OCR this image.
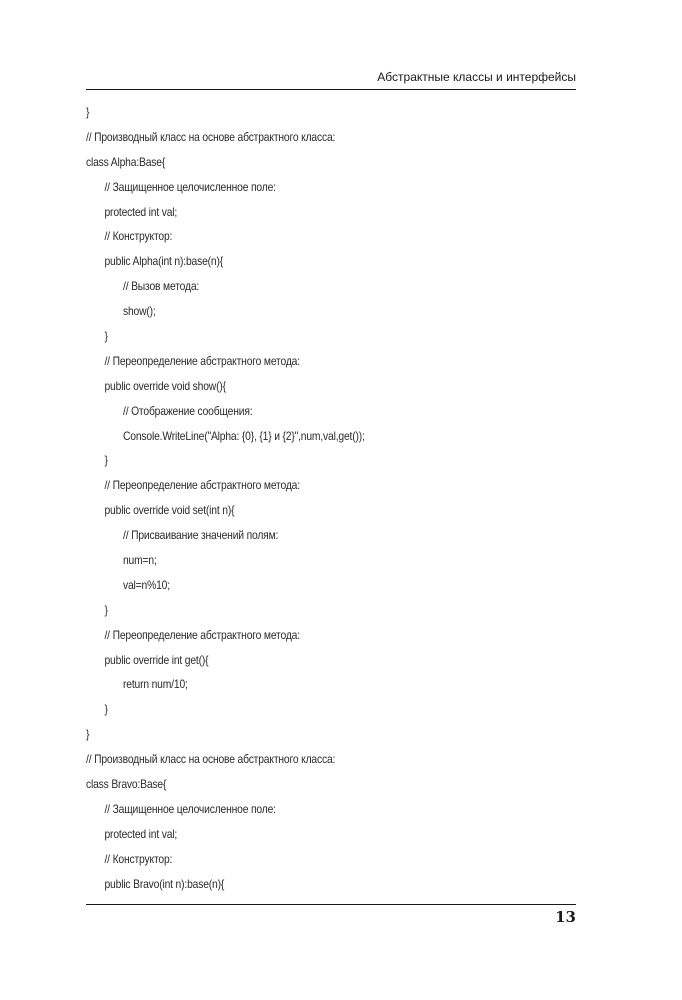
Абстрактные классы и интерфейсы
}
// Производный класс на основе абстрактного класса:
class Alpha:Base{
// Защищенное целочисленное поле:
protected int val;
// Конструктор:
public Alpha(int n):base(n){
// Вызов метода:
show();
}
// Переопределение абстрактного метода:
public override void show(){
// Отображение сообщения:
Console.WriteLine("Alpha: {0}, {1} и {2}",num,val,get());
}
// Переопределение абстрактного метода:
public override void set(int n){
// Присваивание значений полям:
num=n;
val=n%10;
}
// Переопределение абстрактного метода:
public override int get(){
return num/10;
}
}
// Производный класс на основе абстрактного класса:
class Bravo:Base{
// Защищенное целочисленное поле:
protected int val;
// Конструктор:
public Bravo(int n):base(n){
13
